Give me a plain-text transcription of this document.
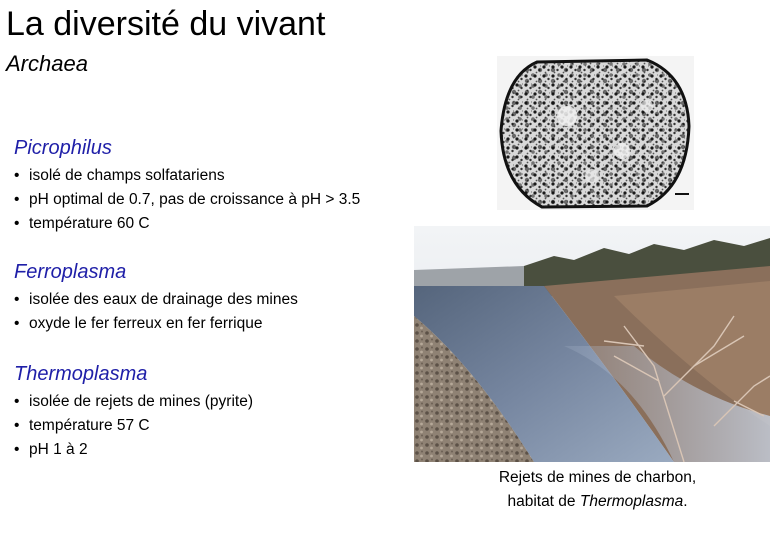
La diversité du vivant
Archaea
Picrophilus
• isolé de champs solfatariens
• pH optimal de 0.7, pas de croissance à pH > 3.5
• température 60 C
Ferroplasma
• isolée des eaux de drainage des mines
• oxyde le fer ferreux en fer ferrique
Thermoplasma
• isolée de rejets de mines (pyrite)
• température 57 C
• pH 1 à 2
Rejets de mines de charbon,
habitat de Thermoplasma.
